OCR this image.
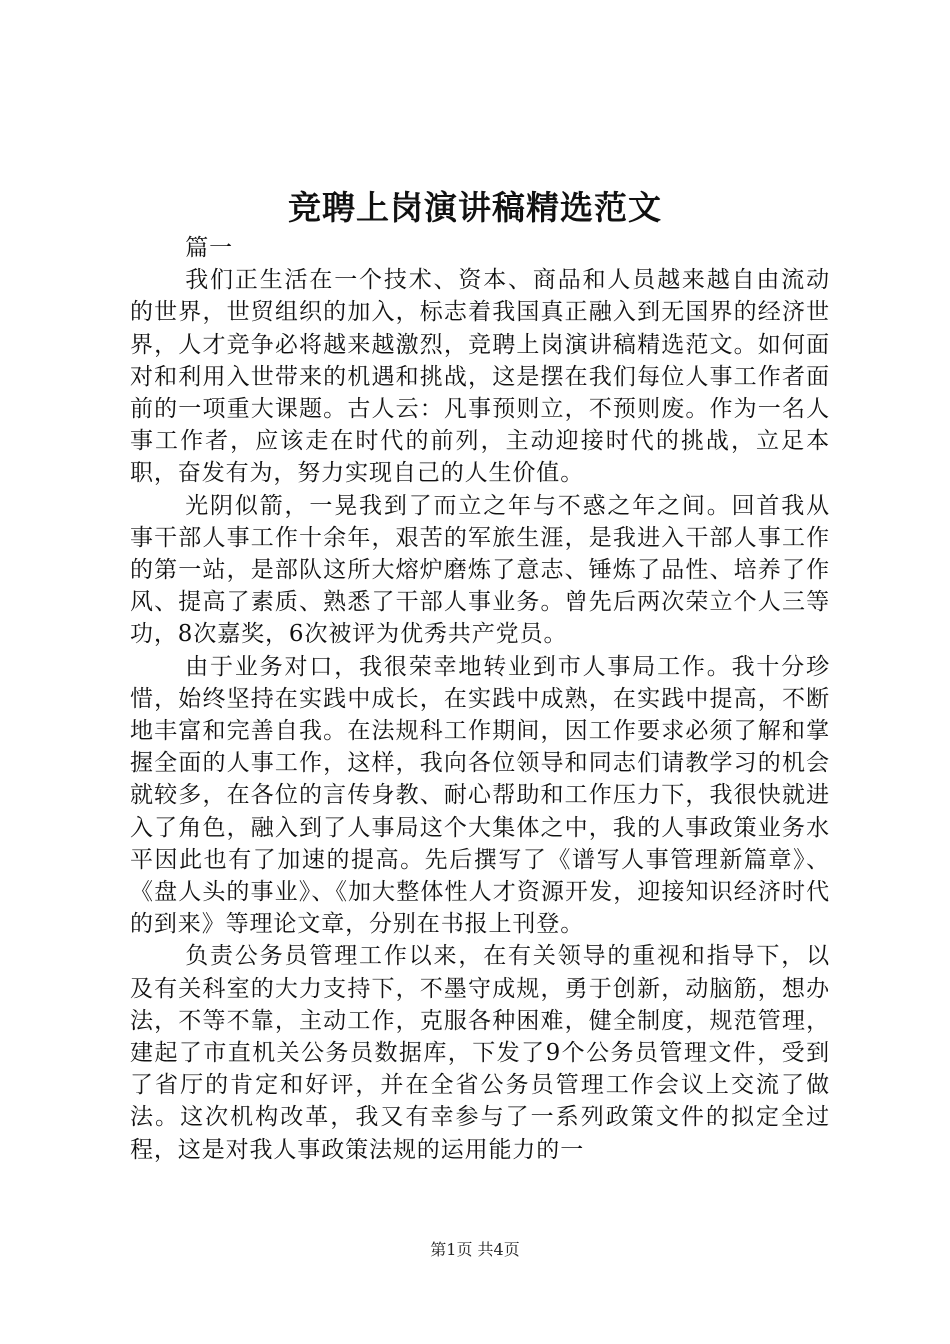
竞聘上岗演讲稿精选范文

篇一

我们正生活在一个技术、资本、商品和人员越来越自由流动的世界，世贸组织的加入，标志着我国真正融入到无国界的经济世界，人才竞争必将越来越激烈，竞聘上岗演讲稿精选范文。如何面对和利用入世带来的机遇和挑战，这是摆在我们每位人事工作者面前的一项重大课题。古人云：凡事预则立，不预则废。作为一名人事工作者，应该走在时代的前列，主动迎接时代的挑战，立足本职，奋发有为，努力实现自己的人生价值。

光阴似箭，一晃我到了而立之年与不惑之年之间。回首我从事干部人事工作十余年，艰苦的军旅生涯，是我进入干部人事工作的第一站，是部队这所大熔炉磨炼了意志、锤炼了品性、培养了作风、提高了素质、熟悉了干部人事业务。曾先后两次荣立个人三等功，8次嘉奖，6次被评为优秀共产党员。

由于业务对口，我很荣幸地转业到市人事局工作。我十分珍惜，始终坚持在实践中成长，在实践中成熟，在实践中提高，不断地丰富和完善自我。在法规科工作期间，因工作要求必须了解和掌握全面的人事工作，这样，我向各位领导和同志们请教学习的机会就较多，在各位的言传身教、耐心帮助和工作压力下，我很快就进入了角色，融入到了人事局这个大集体之中，我的人事政策业务水平因此也有了加速的提高。先后撰写了《谱写人事管理新篇章》、《盘人头的事业》、《加大整体性人才资源开发，迎接知识经济时代的到来》等理论文章，分别在书报上刊登。

负责公务员管理工作以来，在有关领导的重视和指导下，以及有关科室的大力支持下，不墨守成规，勇于创新，动脑筋，想办法，不等不靠，主动工作，克服各种困难，健全制度，规范管理，建起了市直机关公务员数据库，下发了9个公务员管理文件，受到了省厅的肯定和好评，并在全省公务员管理工作会议上交流了做法。这次机构改革，我又有幸参与了一系列政策文件的拟定全过程，这是对我人事政策法规的运用能力的一

第1页 共4页
